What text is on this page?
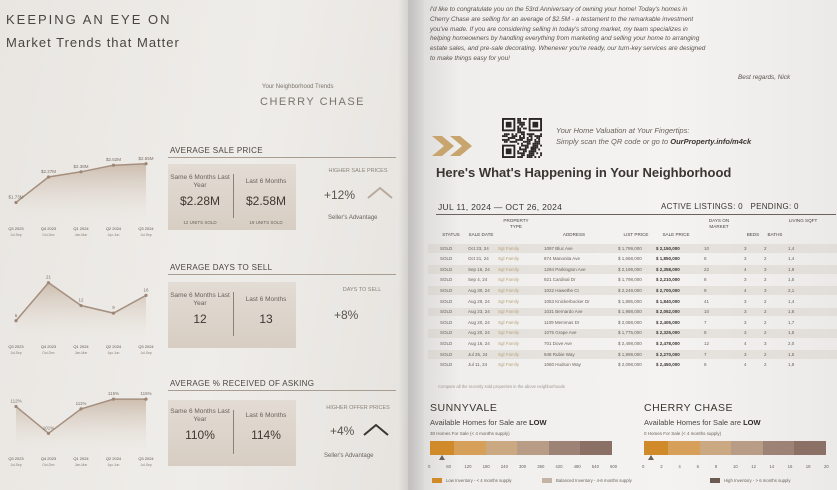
KEEPING AN EYE ON
Market Trends that Matter
Your Neighborhood Trends
CHERRY CHASE
$1.73M
Q3 2023
Jul-Sep
$2.27M
Q4 2023
Oct-Dec
$2.38M
Q1 2024
Jan-Mar
$2.52M
Q2 2024
Apr-Jun
$2.55M
Q3 2024
Jul-Sep
6
Q3 2023
Jul-Sep
21
Q4 2023
Oct-Dec
12
Q1 2024
Jan-Mar
9
Q2 2024
Apr-Jun
16
Q3 2024
Jul-Sep
112%
Q3 2023
Jul-Sep
101%
Q4 2023
Oct-Dec
111%
Q1 2024
Jan-Mar
115%
Q2 2024
Apr-Jun
115%
Q3 2024
Jul-Sep
AVERAGE SALE PRICE
Same 6 Months Last Year
$2.28M
12 UNITS SOLD
Last 6 Months
$2.58M
19 UNITS SOLD
HIGHER SALE PRICES
+12%
Seller's Advantage
AVERAGE DAYS TO SELL
Same 6 Months Last Year
12
Last 6 Months
13
DAYS TO SELL
+8%
AVERAGE % RECEIVED OF ASKING
Same 6 Months Last Year
110%
Last 6 Months
114%
HIGHER OFFER PRICES
+4%
Seller's Advantage
I'd like to congratulate you on the 53rd Anniversary of owning your home! Today's homes in
Cherry Chase are selling for an average of $2.5M - a testament to the remarkable investment
you've made. If you are considering selling in today's strong market, my team specializes in
helping homeowners by handling everything from marketing and selling your home to arranging
estate sales, and pre-sale decorating. Whenever you're ready, our turn-key services are designed
to make things easy for you!
Best regards, Nick
Your Home Valuation at Your Fingertips:
Simply scan the QR code or go to OurProperty.info/m4ck
Here's What's Happening in Your Neighborhood
JUL 11, 2024 — OCT 26, 2024	ACTIVE LISTINGS: 0 PENDING: 0
STATUS	SALE DATE
PROPERTY TYPE
ADDRESS	LIST PRICE	SALE PRICE
DAYS ON MARKET
BEDS	BATHS
LIVING SQFT
SOLD	Oct 23, 24 Sgl Family	1097 Bluc Ave	$ 1,799,000	$ 2,150,000	10	3	2	1,4
SOLD	Oct 21, 24 Sgl Family	874 Manonita Ave	$ 1,668,000	$ 1,850,000	8	3	2	1,4
SOLD	Sep 16, 24 Sgl Family	1294 Parkington Ave	$ 2,199,000	$ 2,358,000	22	4	3	1,9
SOLD	Sep 4, 24 Sgl Family	921 Cardinal Dr	$ 1,798,000	$ 2,210,000	8	3	2	1,5
SOLD	Aug 30, 24 Sgl Family	1022 Hawethe Ct	$ 2,249,000	$ 2,700,000	9	4	3	2,1
SOLD	Aug 29, 24 Sgl Family	1053 Knickerbocker Dr	$ 1,895,000	$ 1,840,000	41	3	2	1,4
SOLD	Aug 23, 24 Sgl Family	1031 Bernardo Ave	$ 1,988,000	$ 2,052,000	10	3	2	1,6
SOLD	Aug 20, 24 Sgl Family	1109 Memmas Dr	$ 2,088,000	$ 2,405,000	7	3	2	1,7
SOLD	Aug 20, 24 Sgl Family	1075 Grape Ave	$ 1,775,000	$ 2,325,000	8	3	2	1,5
SOLD	Aug 16, 24 Sgl Family	701 Dove Ave	$ 2,498,000	$ 2,478,000	12	4	3	2,0
SOLD	Jul 25, 24 Sgl Family	948 Rubie Way	$ 1,899,000	$ 2,270,000	7	3	2	1,5
SOLD	Jul 11, 24 Sgl Family	1060 Hudson Way	$ 2,098,000	$ 2,450,000	8	4	2	1,8
Compare all the recently sold properties in the above neighborhoods
SUNNYVALE
Available Homes for Sale are LOW
30 Homes For Sale (< 4 months supply)
0	60	120	180	240	300	360	420	480	540	600
CHERRY CHASE
Available Homes for Sale are LOW
0 Homes For Sale (< 4 months supply)
0	2	4	6	8	10	12	14	16	18	20
Low Inventory - < 4 months supply	Balanced Inventory - 4-6 months supply	High Inventory - > 6 months supply
